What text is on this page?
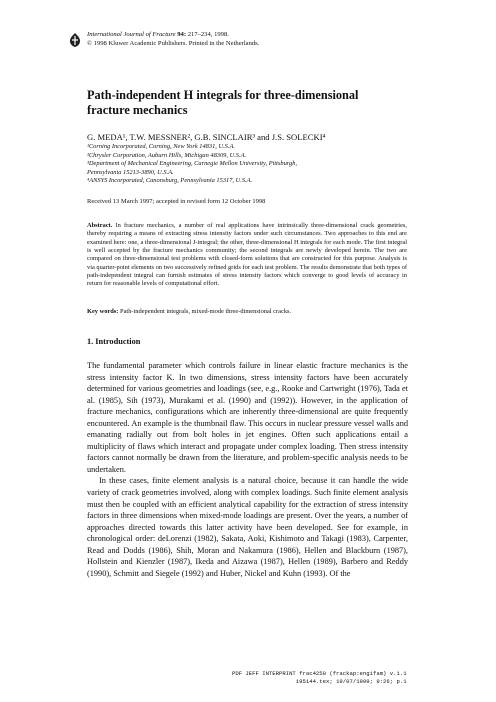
International Journal of Fracture 94: 217–234, 1998.
© 1998 Kluwer Academic Publishers. Printed in the Netherlands.
Path-independent H integrals for three-dimensional
fracture mechanics
G. MEDA¹, T.W. MESSNER², G.B. SINCLAIR³ and J.S. SOLECKI⁴
¹Corning Incorporated, Corning, New York 14831, U.S.A.
²Chrysler Corporation, Auburn Hills, Michigan 48309, U.S.A.
³Department of Mechanical Engineering, Carnegie Mellon University, Pittsburgh,
Pennsylvania 15213-3890, U.S.A.
⁴ANSYS Incorporated, Canonsburg, Pennsylvania 15317, U.S.A.
Received 13 March 1997; accepted in revised form 12 October 1998
Abstract. In fracture mechanics, a number of real applications have intrinsically three-dimensional crack geometries, thereby requiring a means of extracting stress intensity factors under such circumstances. Two approaches to this end are examined here: one, a three-dimensional J-integral; the other, three-dimensional H integrals for each mode. The first integral is well accepted by the fracture mechanics community; the second integrals are newly developed herein. The two are compared on three-dimensional test problems with closed-form solutions that are constructed for this purpose. Analysis is via quarter-point elements on two successively refined grids for each test problem. The results demonstrate that both types of path-independent integral can furnish estimates of stress intensity factors which converge to good levels of accuracy in return for reasonable levels of computational effort.
Key words: Path-independent integrals, mixed-mode three-dimensional cracks.
1. Introduction

The fundamental parameter which controls failure in linear elastic fracture mechanics is the stress intensity factor K. In two dimensions, stress intensity factors have been accurately determined for various geometries and loadings (see, e.g., Rooke and Cartwright (1976), Tada et al. (1985), Sih (1973), Murakami et al. (1990) and (1992)). However, in the application of fracture mechanics, configurations which are inherently three-dimensional are quite frequently encountered. An example is the thumbnail flaw. This occurs in nuclear pressure vessel walls and emanating radially out from bolt holes in jet engines. Often such applications entail a multiplicity of flaws which interact and propagate under complex loading. Then stress intensity factors cannot normally be drawn from the literature, and problem-specific analysis needs to be undertaken.

In these cases, finite element analysis is a natural choice, because it can handle the wide variety of crack geometries involved, along with complex loadings. Such finite element analysis must then be coupled with an efficient analytical capability for the extraction of stress intensity factors in three dimensions when mixed-mode loadings are present. Over the years, a number of approaches directed towards this latter activity have been developed. See for example, in chronological order: deLorenzi (1982), Sakata, Aoki, Kishimoto and Takagi (1983), Carpenter, Read and Dodds (1986), Shih, Moran and Nakamura (1986), Hellen and Blackburn (1987), Hollstein and Kienzler (1987), Ikeda and Aizawa (1987), Hellen (1989), Barbero and Reddy (1990), Schmitt and Siegele (1992) and Huber, Nickel and Kuhn (1993). Of the

PDF JEFF INTERPRINT frac4250 (frackap:engifam) v.1.1
195144.tex; 19/07/1999; 9:26; p.1
